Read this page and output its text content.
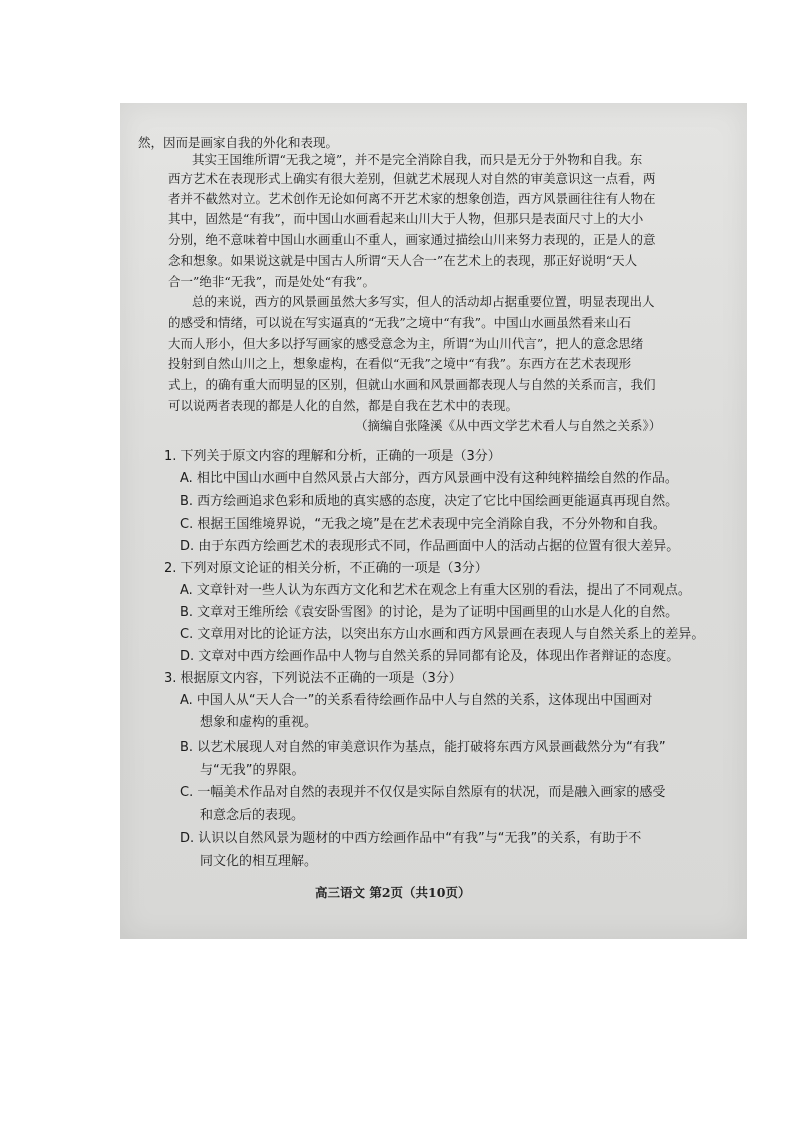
然，因而是画家自我的外化和表现。
其实王国维所谓“无我之境”，并不是完全消除自我，而只是无分于外物和自我。东
西方艺术在表现形式上确实有很大差别，但就艺术展现人对自然的审美意识这一点看，两
者并不截然对立。艺术创作无论如何离不开艺术家的想象创造，西方风景画往往有人物在
其中，固然是“有我”，而中国山水画看起来山川大于人物，但那只是表面尺寸上的大小
分别，绝不意味着中国山水画重山不重人，画家通过描绘山川来努力表现的，正是人的意
念和想象。如果说这就是中国古人所谓“天人合一”在艺术上的表现，那正好说明“天人
合一”绝非“无我”，而是处处“有我”。
总的来说，西方的风景画虽然大多写实，但人的活动却占据重要位置，明显表现出人
的感受和情绪，可以说在写实逼真的“无我”之境中“有我”。中国山水画虽然看来山石
大而人形小，但大多以抒写画家的感受意念为主，所谓“为山川代言”，把人的意念思绪
投射到自然山川之上，想象虚构，在看似“无我”之境中“有我”。东西方在艺术表现形
式上，的确有重大而明显的区别，但就山水画和风景画都表现人与自然的关系而言，我们
可以说两者表现的都是人化的自然，都是自我在艺术中的表现。
（摘编自张隆溪《从中西文学艺术看人与自然之关系》）
1. 下列关于原文内容的理解和分析，正确的一项是（3分）
A. 相比中国山水画中自然风景占大部分，西方风景画中没有这种纯粹描绘自然的作品。
B. 西方绘画追求色彩和质地的真实感的态度，决定了它比中国绘画更能逼真再现自然。
C. 根据王国维境界说，“无我之境”是在艺术表现中完全消除自我，不分外物和自我。
D. 由于东西方绘画艺术的表现形式不同，作品画面中人的活动占据的位置有很大差异。
2. 下列对原文论证的相关分析，不正确的一项是（3分）
A. 文章针对一些人认为东西方文化和艺术在观念上有重大区别的看法，提出了不同观点。
B. 文章对王维所绘《袁安卧雪图》的讨论，是为了证明中国画里的山水是人化的自然。
C. 文章用对比的论证方法，以突出东方山水画和西方风景画在表现人与自然关系上的差异。
D. 文章对中西方绘画作品中人物与自然关系的异同都有论及，体现出作者辩证的态度。
3. 根据原文内容，下列说法不正确的一项是（3分）
A. 中国人从“天人合一”的关系看待绘画作品中人与自然的关系，这体现出中国画对
想象和虚构的重视。
B. 以艺术展现人对自然的审美意识作为基点，能打破将东西方风景画截然分为“有我”
与“无我”的界限。
C. 一幅美术作品对自然的表现并不仅仅是实际自然原有的状况，而是融入画家的感受
和意念后的表现。
D. 认识以自然风景为题材的中西方绘画作品中“有我”与“无我”的关系，有助于不
同文化的相互理解。
高三语文 第2页（共10页）
